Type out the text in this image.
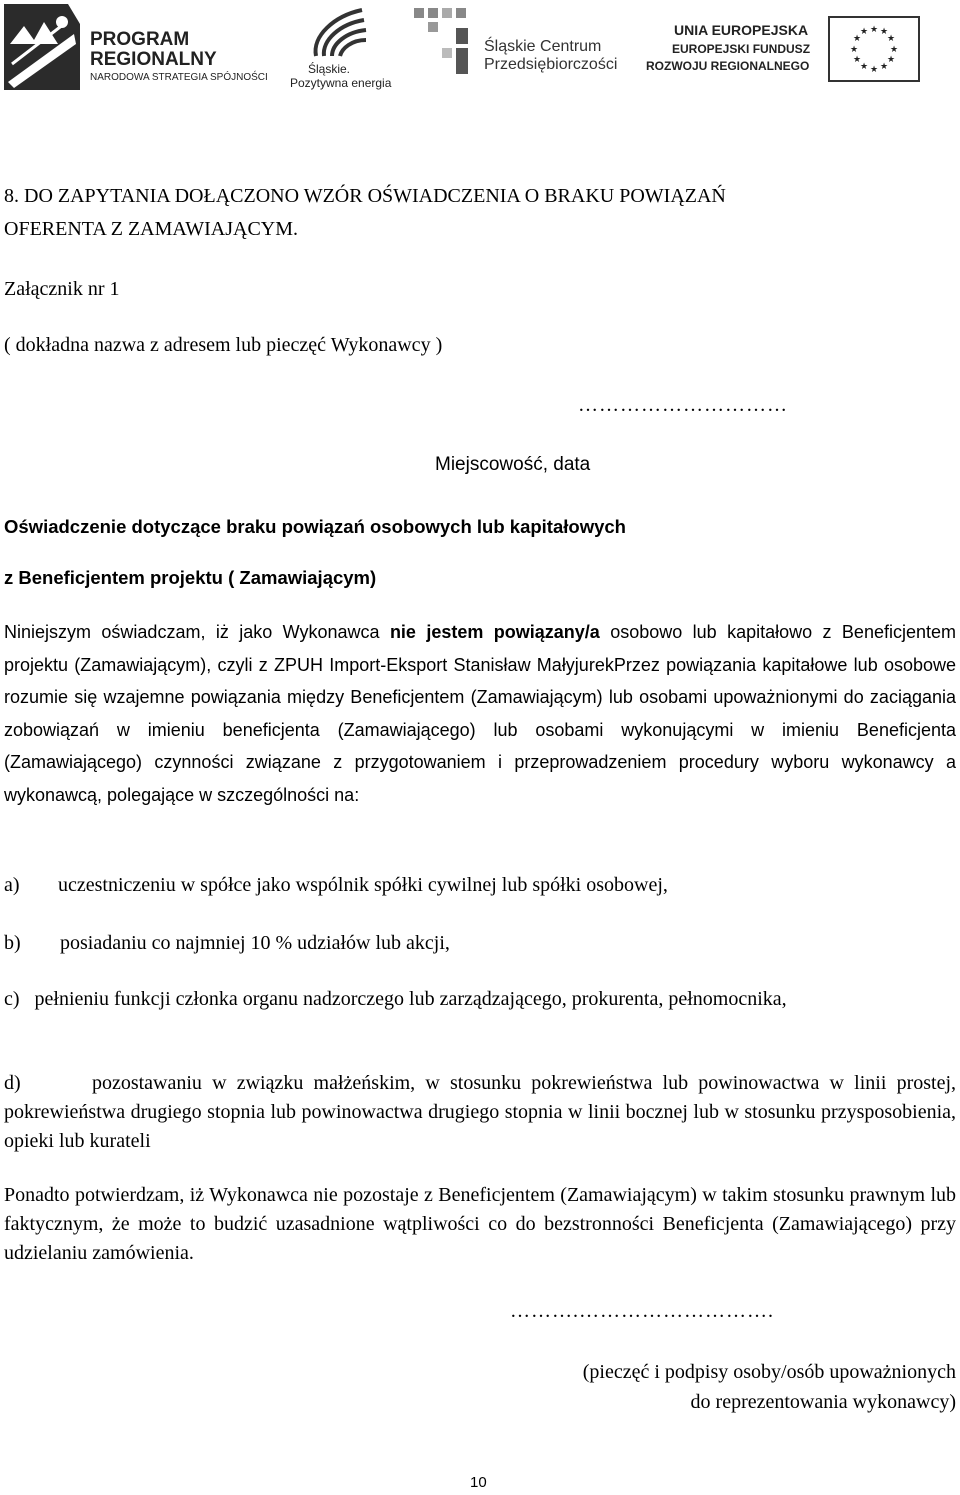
PROGRAM
REGIONALNY
NARODOWA STRATEGIA SPÓJNOŚCI
Śląskie.
Pozytywna energia
Śląskie Centrum
Przedsiębiorczości
UNIA EUROPEJSKA
EUROPEJSKI FUNDUSZ
ROZWOJU REGIONALNEGO
★ ★
★
★
★
★
★
★
★
★
★
★
8. DO ZAPYTANIA DOŁĄCZONO WZÓR OŚWIADCZENIA O BRAKU POWIĄZAŃ
OFERENTA Z ZAMAWIAJĄCYM.
Załącznik nr 1
( dokładna nazwa z adresem lub pieczęć Wykonawcy )
…………………………
Miejscowość, data
Oświadczenie dotyczące braku powiązań osobowych lub kapitałowych
z Beneficjentem projektu ( Zamawiającym)
Niniejszym oświadczam, iż jako Wykonawca nie jestem powiązany/a osobowo lub kapitałowo z Beneficjentem projektu (Zamawiającym), czyli z ZPUH Import-Eksport Stanisław MałyjurekPrzez powiązania kapitałowe lub osobowe rozumie się wzajemne powiązania między Beneficjentem (Zamawiającym) lub osobami upoważnionymi do zaciągania zobowiązań w imieniu beneficjenta (Zamawiającego) lub osobami wykonującymi w imieniu Beneficjenta (Zamawiającego) czynności związane z przygotowaniem i przeprowadzeniem procedury wyboru wykonawcy a wykonawcą, polegające w szczególności na:
a) uczestniczeniu w spółce jako wspólnik spółki cywilnej lub spółki osobowej,
b) posiadaniu co najmniej 10 % udziałów lub akcji,
c) pełnieniu funkcji członka organu nadzorczego lub zarządzającego, prokurenta, pełnomocnika,
d)	pozostawaniu w związku małżeńskim, w stosunku pokrewieństwa lub powinowactwa w linii prostej, pokrewieństwa drugiego stopnia lub powinowactwa drugiego stopnia w linii bocznej lub w stosunku przysposobienia, opieki lub kurateli
Ponadto potwierdzam, iż Wykonawca nie pozostaje z Beneficjentem (Zamawiającym) w takim stosunku prawnym lub faktycznym, że może to budzić uzasadnione wątpliwości co do bezstronności Beneficjenta (Zamawiającego) przy udzielaniu zamówienia.
……….……………………….
(pieczęć i podpisy osoby/osób upoważnionych
do reprezentowania wykonawcy)
10
